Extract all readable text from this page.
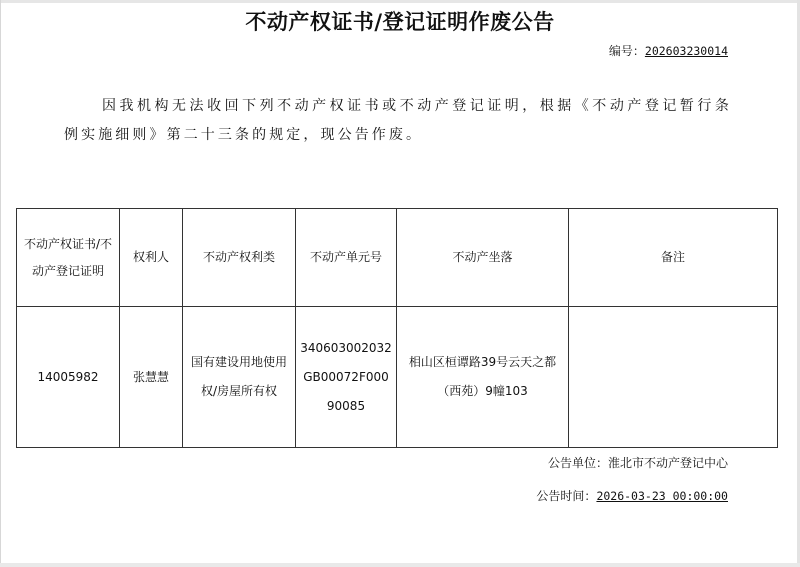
不动产权证书/登记证明作废公告
编号：202603230014
因我机构无法收回下列不动产权证书或不动产登记证明，根据《不动产登记暂行条例实施细则》第二十三条的规定，现公告作废。
不动产权证书/不动产登记证明	权利人	不动产权利类	不动产单元号	不动产坐落	备注
14005982	张慧慧	国有建设用地使用权/房屋所有权	340603002032GB00072F00090085	相山区桓谭路39号云天之都（西苑）9幢103	
公告单位：淮北市不动产登记中心
公告时间：2026-03-23 00:00:00
